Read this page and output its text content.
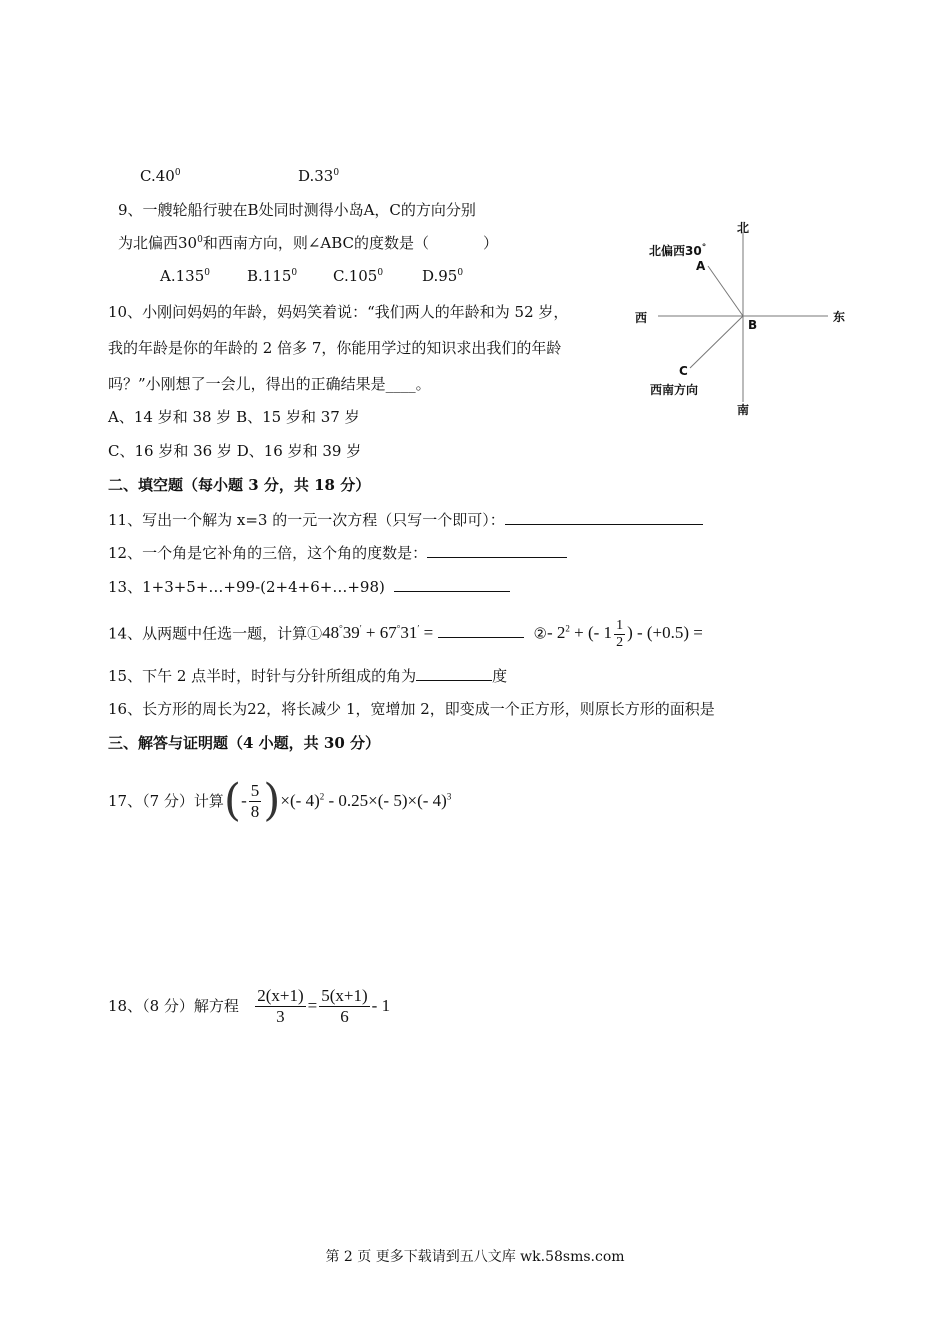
$C.40^0$	$D.33^0$
9、一艘轮船行驶在B处同时测得小岛A，C的方向分别
为北偏西$30^0$和西南方向，则∠ABC的度数是（	）
A.135$^0$ B.115$^0$ C.105$^0$	$D.95^0$
10、小刚问妈妈的年龄，妈妈笑着说：“我们两人的年龄和为 52 岁，
我的年龄是你的年龄的 2 倍多 7，你能用学过的知识求出我们的年龄
吗？”小刚想了一会儿，得出的正确结果是____。
A、14 岁和 38 岁 B、15 岁和 37 岁
C、16 岁和 36 岁 D、16 岁和 39 岁
北
南
西	东
北偏西30°
A
B
C
西南方向
二、填空题（每小题 3 分，共 18 分）
11、写出一个解为 x=3 的一元一次方程（只写一个即可）：
12、一个角是它补角的三倍，这个角的度数是：
13、1+3+5+…+99-(2+4+6+…+98)
14、从两题中任选一题，计算①48°39′ + 67°31′ =	②- $2^2$ + (- $1 \frac{1}{2}$ ) - (+0.5) =
15、下午 2 点半时，时针与分针所组成的角为	度
16、长方形的周长为22，将长减少 1，宽增加 2，即变成一个正方形，则原长方形的面积是
三、解答与证明题（4 小题，共 30 分）
17、（7 分）计算(- $\frac{5}{8}$ )×(- 4)$^2$ - 0.25×(- 5)×(- 4)$^3$
18、（8 分）解方程 $\frac{2(x+1)}{3} = \frac{5(x+1)}{6} - 1$
第 2 页 更多下载请到五八文库 wk.58sms.com
